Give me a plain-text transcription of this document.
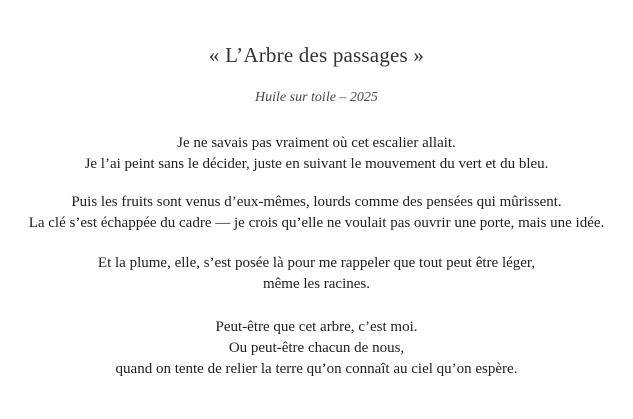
« L’Arbre des passages »
Huile sur toile – 2025
Je ne savais pas vraiment où cet escalier allait.
Je l’ai peint sans le décider, juste en suivant le mouvement du vert et du bleu.
Puis les fruits sont venus d’eux-mêmes, lourds comme des pensées qui mûrissent.
La clé s’est échappée du cadre — je crois qu’elle ne voulait pas ouvrir une porte, mais une idée.
Et la plume, elle, s’est posée là pour me rappeler que tout peut être léger,
même les racines.
Peut-être que cet arbre, c’est moi.
Ou peut-être chacun de nous,
quand on tente de relier la terre qu’on connaît au ciel qu’on espère.
